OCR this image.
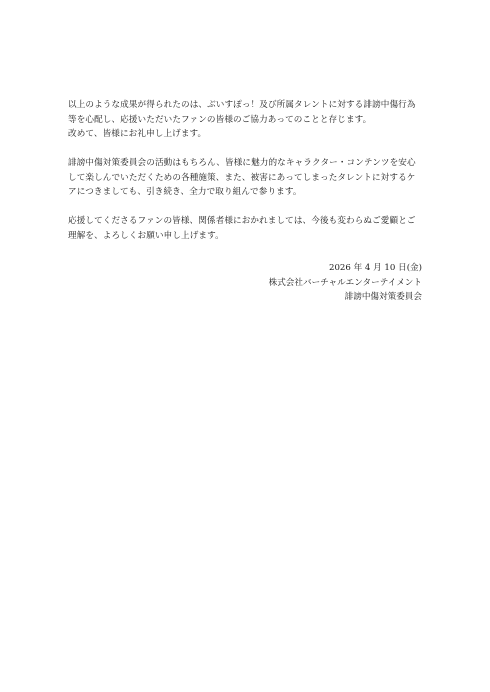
以上のような成果が得られたのは、ぶいすぽっ！及び所属タレントに対する誹謗中傷行為
等を心配し、応援いただいたファンの皆様のご協力あってのことと存じます。
改めて、皆様にお礼申し上げます。

誹謗中傷対策委員会の活動はもちろん、皆様に魅力的なキャラクター・コンテンツを安心
して楽しんでいただくための各種施策、また、被害にあってしまったタレントに対するケ
アにつきましても、引き続き、全力で取り組んで参ります。

応援してくださるファンの皆様、関係者様におかれましては、今後も変わらぬご愛顧とご
理解を、よろしくお願い申し上げます。

2026 年 4 月 10 日(金)
株式会社バーチャルエンターテイメント
誹謗中傷対策委員会
